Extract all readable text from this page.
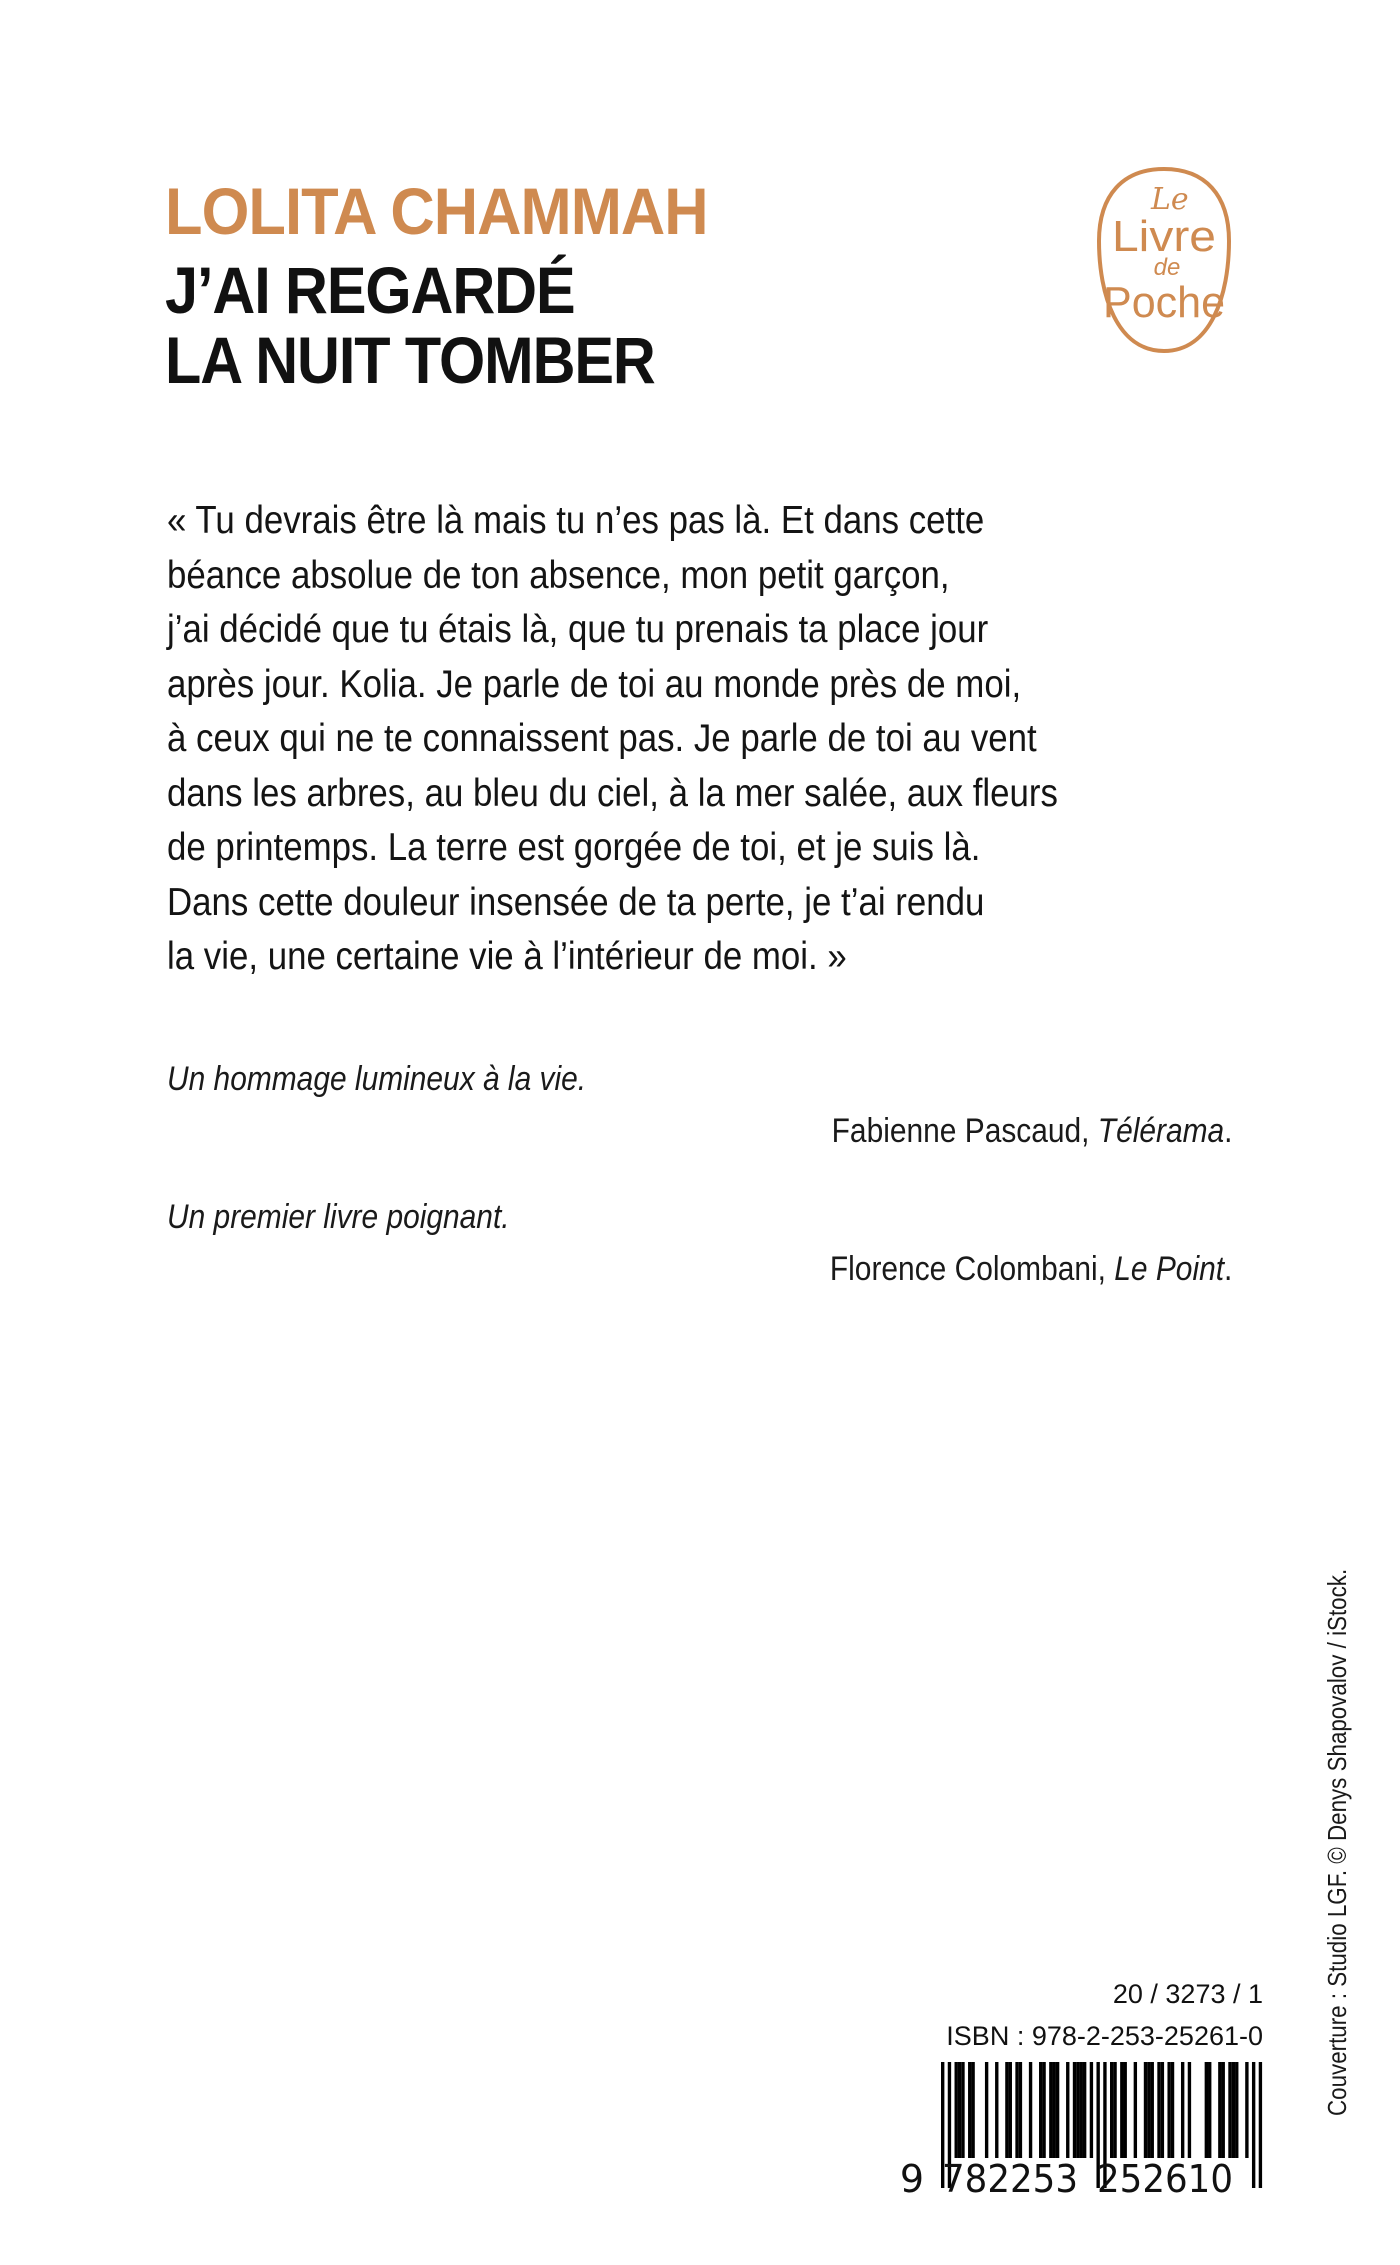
LOLITA CHAMMAH
J’AI REGARDÉ
LA NUIT TOMBER
Le
Livre
de
Poche
« Tu devrais être là mais tu n’es pas là. Et dans cette
béance absolue de ton absence, mon petit garçon,
j’ai décidé que tu étais là, que tu prenais ta place jour
après jour. Kolia. Je parle de toi au monde près de moi,
à ceux qui ne te connaissent pas. Je parle de toi au vent
dans les arbres, au bleu du ciel, à la mer salée, aux fleurs
de printemps. La terre est gorgée de toi, et je suis là.
Dans cette douleur insensée de ta perte, je t’ai rendu
la vie, une certaine vie à l’intérieur de moi. »
Un hommage lumineux à la vie.
Fabienne Pascaud, Télérama.
Un premier livre poignant.
Florence Colombani, Le Point.
20 / 3273 / 1
ISBN : 978-2-253-25261-0
9 782253 252610
Couverture : Studio LGF. © Denys Shapovalov / iStock.
